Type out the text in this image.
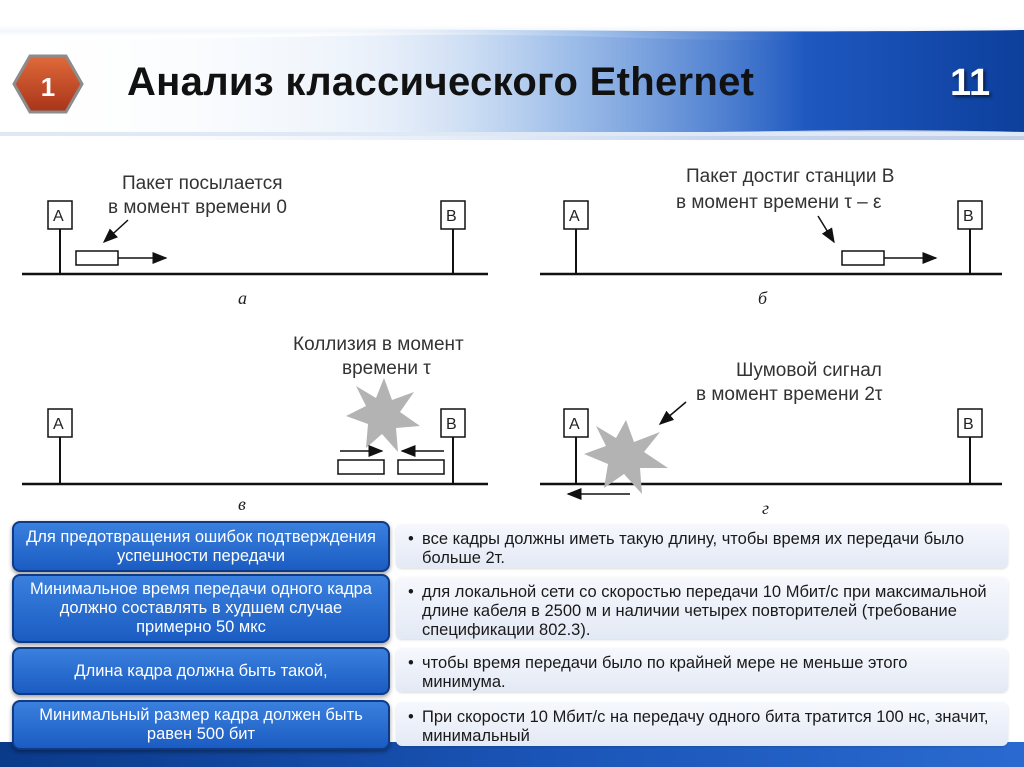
1 Анализ классического Ethernet	11
A	B
Пакет посылается
в момент времени 0
а
A	B
Пакет достиг станции В
в момент времени τ – ε
б
A	B
Коллизия в момент
времени τ
в
A	B
Шумовой сигнал
в момент времени 2τ
г
• все кадры должны иметь такую длину, чтобы время их передачи было больше 2т.
Для предотвращения ошибок подтверждения успешности передачи
• для локальной сети со скоростью передачи 10 Мбит/с при максимальной длине кабеля в 2500 м и наличии четырех повторителей (требование спецификации 802.3).
Минимальное время передачи одного кадра должно составлять в худшем случае примерно 50 мкс
• чтобы время передачи было по крайней мере не меньше этого минимума.
Длина кадра должна быть такой,
• При скорости 10 Мбит/с на передачу одного бита тратится 100 нс, значит, минимальный
Минимальный размер кадра должен быть равен 500 бит
